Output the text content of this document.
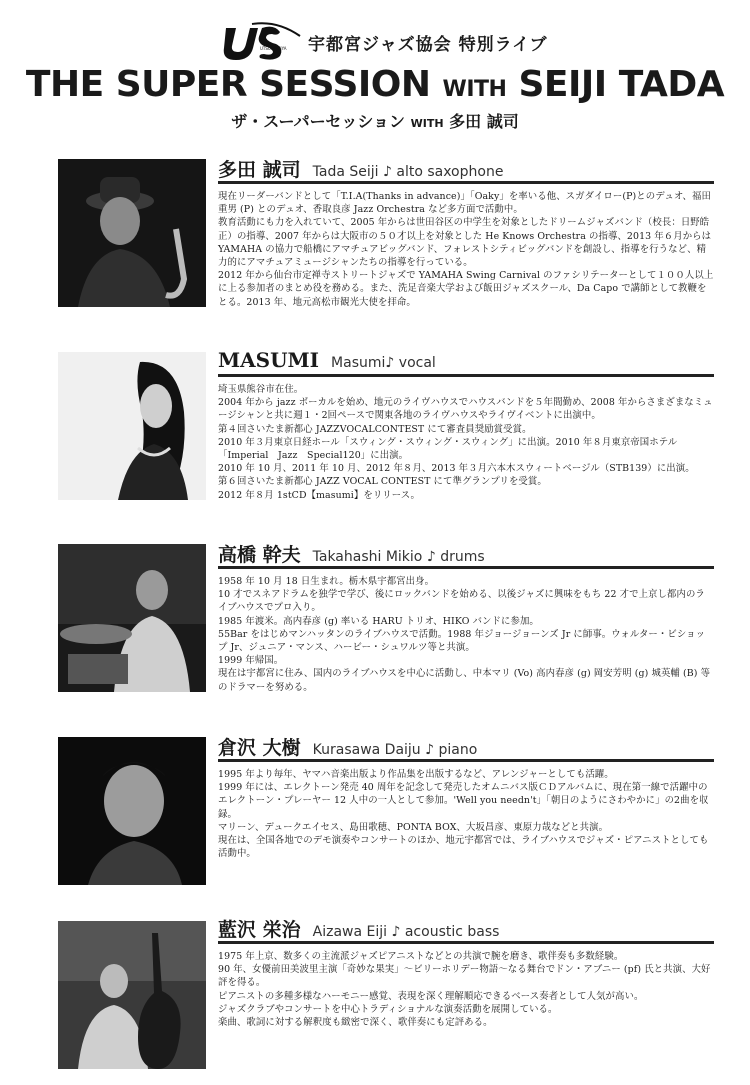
UTSUNOMIYA 宇都宮ジャズ協会 特別ライブ
THE SUPER SESSION WITH SEIJI TADA
ザ・スーパーセッション WITH 多田 誠司
多田 誠司 Tada Seiji ♪ alto saxophone

現在リーダーバンドとして「T.I.A(Thanks in advance)」「Oaky」を率いる他、スガダイロー(P)とのデュオ、福田重男 (P) とのデュオ、香取良彦 Jazz Orchestra など多方面で活動中。

教育活動にも力を入れていて、2005 年からは世田谷区の中学生を対象としたドリームジャズバンド（校長：日野皓正）の指導、2007 年からは大阪市の５０才以上を対象とした He Knows Orchestra の指導、2013 年６月からは YAMAHA の協力で船橋にアマチュアビッグバンド、フォレストシティビッグバンドを創設し、指導を行うなど、精力的にアマチュアミュージシャンたちの指導を行っている。

2012 年から仙台市定禅寺ストリートジャズで YAMAHA Swing Carnival のファシリテーターとして１００人以上に上る参加者のまとめ役を務める。また、洗足音楽大学および飯田ジャズスクール、Da Capo で講師として教鞭をとる。2013 年、地元高松市観光大使を拝命。

MASUMI Masumi♪ vocal

埼玉県熊谷市在住。

2004 年から jazz ボーカルを始め、地元のライヴハウスでハウスバンドを５年間勤め、2008 年からさまざまなミュージシャンと共に週１・2回ペースで関東各地のライヴハウスやライヴイベントに出演中。

第４回さいたま新都心 JAZZVOCALCONTEST にて審査員奨励賞受賞。

2010 年３月東京日経ホール「スウィング・スウィング・スウィング」に出演。2010 年８月東京帝国ホテル「Imperial　Jazz　Special120」に出演。

2010 年 10 月、2011 年 10 月、2012 年８月、2013 年３月六本木スウィートベージル（STB139）に出演。

第６回さいたま新都心 JAZZ VOCAL CONTEST にて準グランプリを受賞。

2012 年８月 1stCD【masumi】をリリース。

高橋 幹夫 Takahashi Mikio ♪ drums

1958 年 10 月 18 日生まれ。栃木県宇都宮出身。

10 才でスネアドラムを独学で学び、後にロックバンドを始める、以後ジャズに興味をもち 22 才で上京し都内のライブハウスでプロ入り。

1985 年渡米。高内春彦 (g) 率いる HARU トリオ、HIKO バンドに参加。

55Bar をはじめマンハッタンのライブハウスで活動。1988 年ジョージョーンズ Jr に師事。ウォルター・ビショップ Jr、ジュニア・マンス、ハービー・シュワルツ等と共演。

1999 年帰国。

現在は宇都宮に住み、国内のライブハウスを中心に活動し、中本マリ (Vo) 高内春彦 (g) 岡安芳明 (g) 城英輔 (B) 等のドラマーを努める。

倉沢 大樹 Kurasawa Daiju ♪ piano

1995 年より毎年、ヤマハ音楽出版より作品集を出版するなど、アレンジャーとしても活躍。

1999 年には、エレクトーン発売 40 周年を記念して発売したオムニバス版ＣＤアルバムに、現在第一線で活躍中のエレクトーン・プレーヤー 12 人中の一人として参加。'Well you needn't」「朝日のようにさわやかに」の2曲を収録。

マリーン、デュークエイセス、島田歌穂、PONTA BOX、大坂昌彦、東原力哉などと共演。

現在は、全国各地でのデモ演奏やコンサートのほか、地元宇都宮では、ライブハウスでジャズ・ピアニストとしても活動中。

藍沢 栄治 Aizawa Eiji ♪ acoustic bass

1975 年上京、数多くの主流派ジャズピアニストなどとの共演で腕を磨き、歌伴奏も多数経験。

90 年、女優前田美波里主演「奇妙な果実」～ビリーホリデー物語～なる舞台でドン・アブニー (pf) 氏と共演、大好評を得る。

ピアニストの多種多様なハーモニー感覚、表現を深く理解順応できるベース奏者として人気が高い。

ジャズクラブやコンサートを中心トラディショナルな演奏活動を展開している。

楽曲、歌詞に対する解釈度も緻密で深く、歌伴奏にも定評ある。
